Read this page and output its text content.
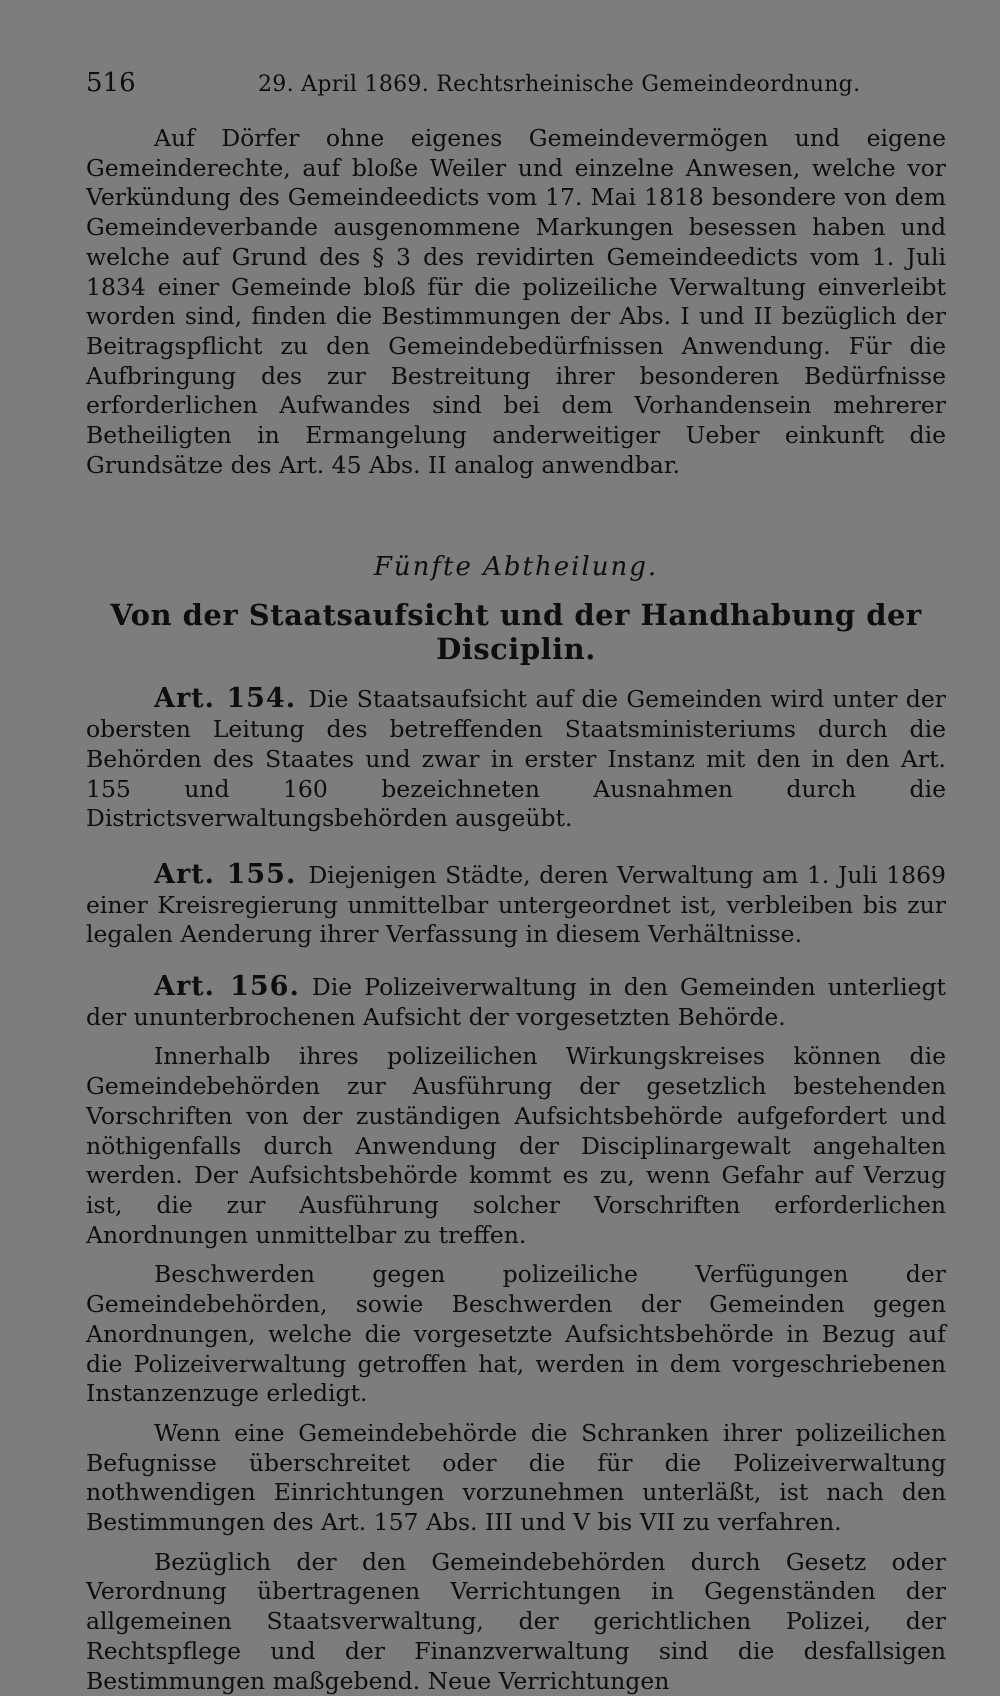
516	29. April 1869. Rechtsrheinische Gemeindeordnung.

Auf Dörfer ohne eigenes Gemeindevermögen und eigene Gemeinderechte, auf bloße Weiler und einzelne Anwesen, welche vor Verkündung des Gemeindeedicts vom 17. Mai 1818 besondere von dem Gemeindeverbande ausgenommene Markungen besessen haben und welche auf Grund des § 3 des revidirten Gemeindeedicts vom 1. Juli 1834 einer Gemeinde bloß für die polizeiliche Verwaltung einverleibt worden sind, finden die Bestimmungen der Abs. I und II bezüglich der Beitragspflicht zu den Gemeindebedürfnissen Anwendung. Für die Aufbringung des zur Bestreitung ihrer besonderen Bedürfnisse erforderlichen Aufwandes sind bei dem Vorhandensein mehrerer Betheiligten in Ermangelung anderweitiger Ueber einkunft die Grundsätze des Art. 45 Abs. II analog anwendbar.

Fünfte Abtheilung.
Von der Staatsaufsicht und der Handhabung der Disciplin.

Art. 154. Die Staatsaufsicht auf die Gemeinden wird unter der obersten Leitung des betreffenden Staatsministeriums durch die Behörden des Staates und zwar in erster Instanz mit den in den Art. 155 und 160 bezeichneten Ausnahmen durch die Districtsverwaltungsbehörden ausgeübt.

Art. 155. Diejenigen Städte, deren Verwaltung am 1. Juli 1869 einer Kreisregierung unmittelbar untergeordnet ist, verbleiben bis zur legalen Aenderung ihrer Verfassung in diesem Verhältnisse.

Art. 156. Die Polizeiverwaltung in den Gemeinden unterliegt der ununterbrochenen Aufsicht der vorgesetzten Behörde.

Innerhalb ihres polizeilichen Wirkungskreises können die Gemeindebehörden zur Ausführung der gesetzlich bestehenden Vorschriften von der zuständigen Aufsichtsbehörde aufgefordert und nöthigenfalls durch Anwendung der Disciplinargewalt angehalten werden. Der Aufsichtsbehörde kommt es zu, wenn Gefahr auf Verzug ist, die zur Ausführung solcher Vorschriften erforderlichen Anordnungen unmittelbar zu treffen.

Beschwerden gegen polizeiliche Verfügungen der Gemeindebehörden, sowie Beschwerden der Gemeinden gegen Anordnungen, welche die vorgesetzte Aufsichtsbehörde in Bezug auf die Polizeiverwaltung getroffen hat, werden in dem vorgeschriebenen Instanzenzuge erledigt.

Wenn eine Gemeindebehörde die Schranken ihrer polizeilichen Befugnisse überschreitet oder die für die Polizeiverwaltung nothwendigen Einrichtungen vorzunehmen unterläßt, ist nach den Bestimmungen des Art. 157 Abs. III und V bis VII zu verfahren.

Bezüglich der den Gemeindebehörden durch Gesetz oder Verordnung übertragenen Verrichtungen in Gegenständen der allgemeinen Staatsverwaltung, der gerichtlichen Polizei, der Rechtspflege und der Finanzverwaltung sind die desfallsigen Bestimmungen maßgebend. Neue Verrichtungen
